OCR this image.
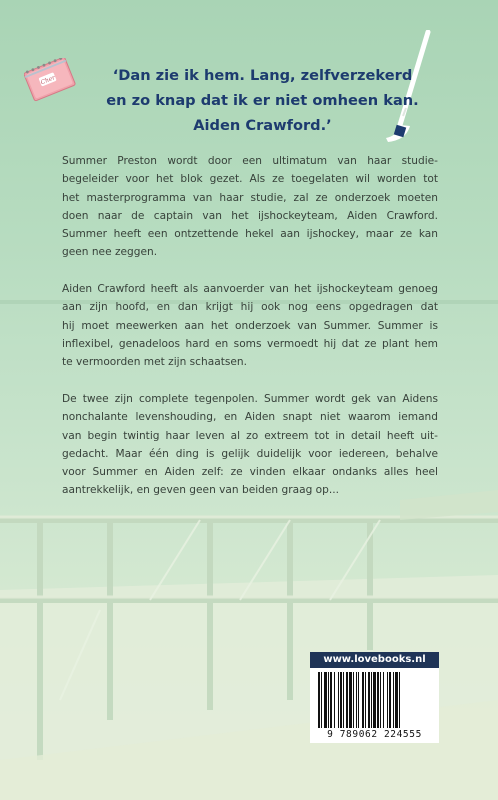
Cher	‘Dan zie ik hem. Lang, zelfverzekerd
en zo knap dat ik er niet omheen kan.
Aiden Crawford.’
Summer Preston wordt door een ultimatum van haar studie-
begeleider voor het blok gezet. Als ze toegelaten wil worden tot
het masterprogramma van haar studie, zal ze onderzoek moeten
doen naar de captain van het ijshockeyteam, Aiden Crawford.
Summer heeft een ontzettende hekel aan ijshockey, maar ze kan
geen nee zeggen.
Aiden Crawford heeft als aanvoerder van het ijshockeyteam genoeg
aan zijn hoofd, en dan krijgt hij ook nog eens opgedragen dat
hij moet meewerken aan het onderzoek van Summer. Summer is
inflexibel, genadeloos hard en soms vermoedt hij dat ze plant hem
te vermoorden met zijn schaatsen.
De twee zijn complete tegenpolen. Summer wordt gek van Aidens
nonchalante levenshouding, en Aiden snapt niet waarom iemand
van begin twintig haar leven al zo extreem tot in detail heeft uit-
gedacht. Maar één ding is gelijk duidelijk voor iedereen, behalve
voor Summer en Aiden zelf: ze vinden elkaar ondanks alles heel
aantrekkelijk, en geven geen van beiden graag op...
www.lovebooks.nl
9 789062 224555
